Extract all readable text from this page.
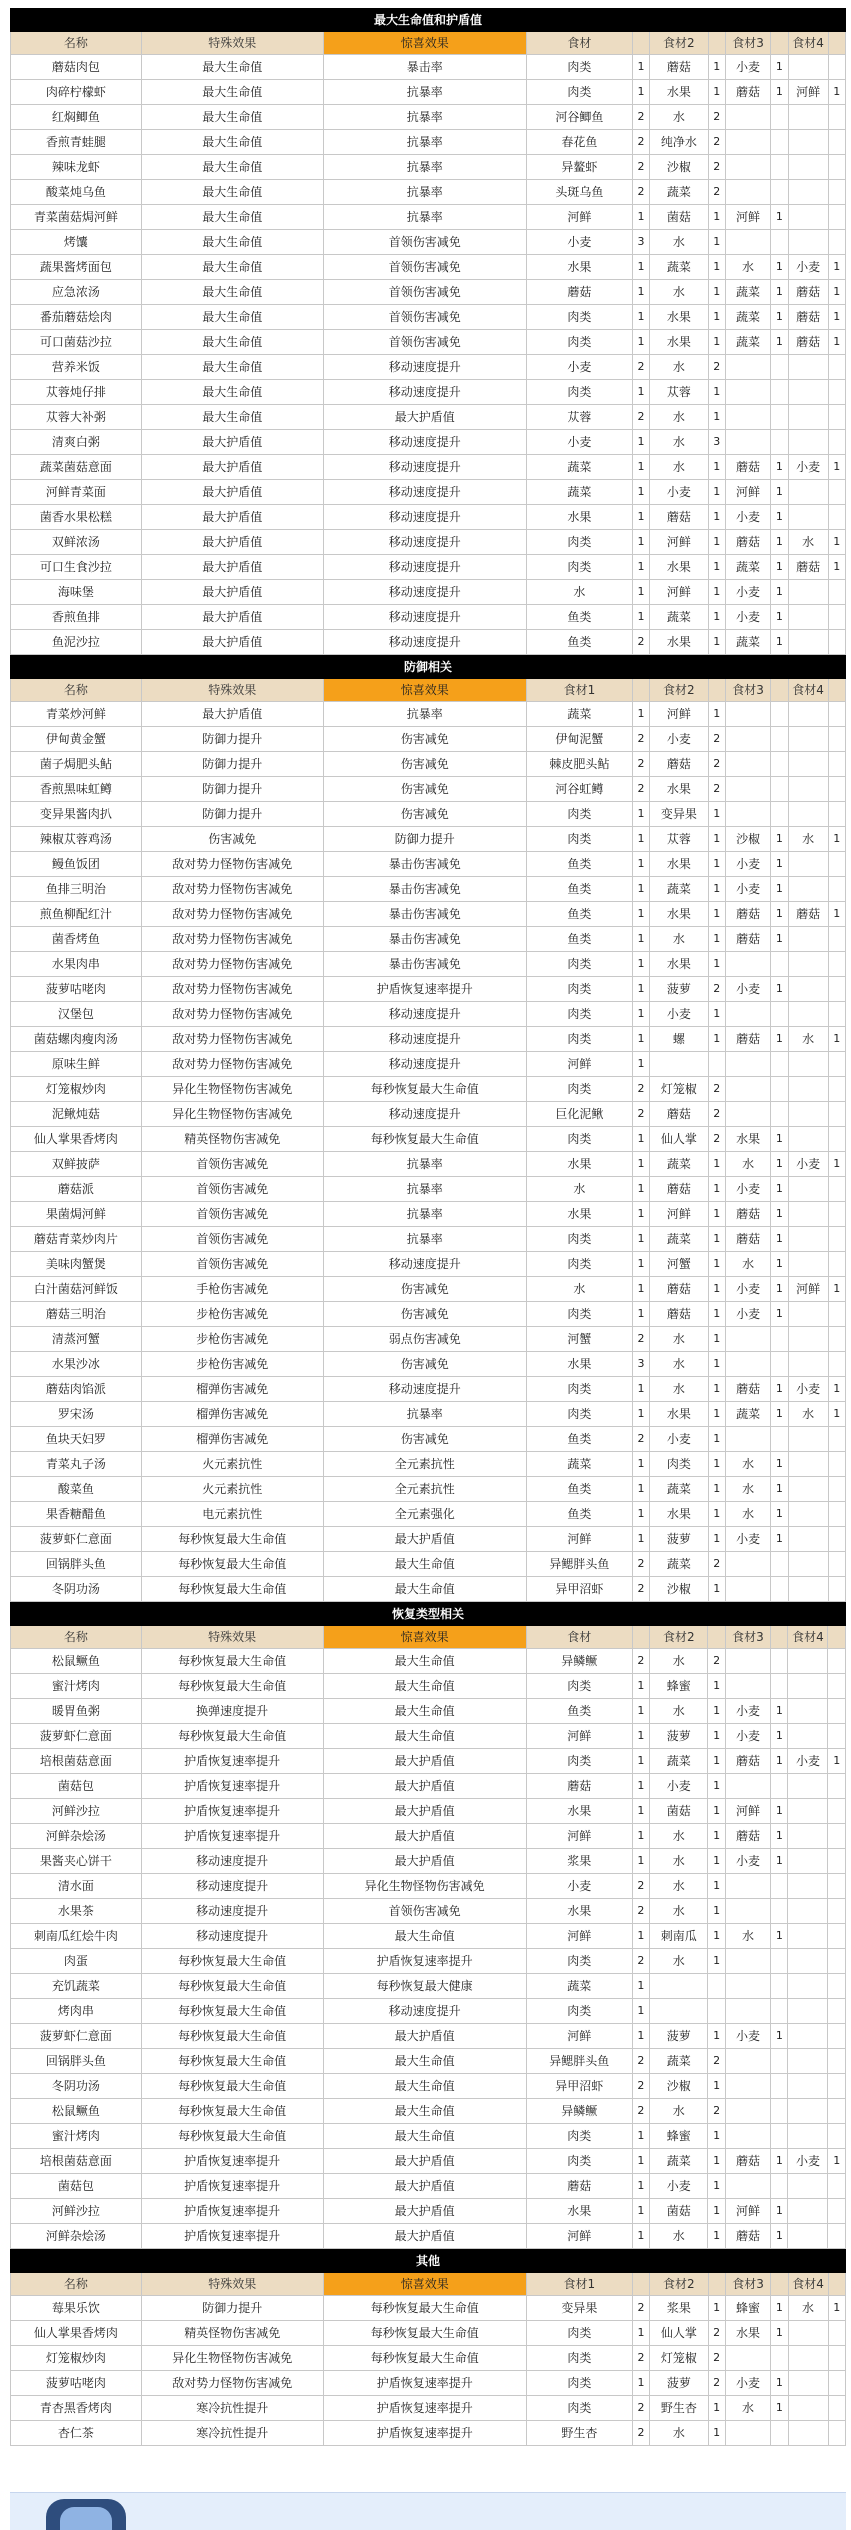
最大生命值和护盾值										
名称	特殊效果	惊喜效果	食材		食材2		食材3		食材4	
蘑菇肉包	最大生命值	暴击率	肉类	1	蘑菇	1	小麦	1		
肉碎柠檬虾	最大生命值	抗暴率	肉类	1	水果	1	蘑菇	1	河鲜	1
红焖鲫鱼	最大生命值	抗暴率	河谷鲫鱼	2	水	2				
香煎青蛙腿	最大生命值	抗暴率	春花鱼	2	纯净水	2				
辣味龙虾	最大生命值	抗暴率	异鳌虾	2	沙椒	2				
酸菜炖乌鱼	最大生命值	抗暴率	头斑乌鱼	2	蔬菜	2				
青菜菌菇焗河鲜	最大生命值	抗暴率	河鲜	1	菌菇	1	河鲜	1		
烤馕	最大生命值	首领伤害减免	小麦	3	水	1				
蔬果酱烤面包	最大生命值	首领伤害减免	水果	1	蔬菜	1	水	1	小麦	1
应急浓汤	最大生命值	首领伤害减免	蘑菇	1	水	1	蔬菜	1	蘑菇	1
番茄蘑菇烩肉	最大生命值	首领伤害减免	肉类	1	水果	1	蔬菜	1	蘑菇	1
可口菌菇沙拉	最大生命值	首领伤害减免	肉类	1	水果	1	蔬菜	1	蘑菇	1
营养米饭	最大生命值	移动速度提升	小麦	2	水	2				
苁蓉炖仔排	最大生命值	移动速度提升	肉类	1	苁蓉	1				
苁蓉大补粥	最大生命值	最大护盾值	苁蓉	2	水	1				
清爽白粥	最大护盾值	移动速度提升	小麦	1	水	3				
蔬菜菌菇意面	最大护盾值	移动速度提升	蔬菜	1	水	1	蘑菇	1	小麦	1
河鲜青菜面	最大护盾值	移动速度提升	蔬菜	1	小麦	1	河鲜	1		
菌香水果松糕	最大护盾值	移动速度提升	水果	1	蘑菇	1	小麦	1		
双鲜浓汤	最大护盾值	移动速度提升	肉类	1	河鲜	1	蘑菇	1	水	1
可口生食沙拉	最大护盾值	移动速度提升	肉类	1	水果	1	蔬菜	1	蘑菇	1
海味堡	最大护盾值	移动速度提升	水	1	河鲜	1	小麦	1		
香煎鱼排	最大护盾值	移动速度提升	鱼类	1	蔬菜	1	小麦	1		
鱼泥沙拉	最大护盾值	移动速度提升	鱼类	2	水果	1	蔬菜	1		
防御相关										
名称	特殊效果	惊喜效果	食材1		食材2		食材3		食材4	
青菜炒河鲜	最大护盾值	抗暴率	蔬菜	1	河鲜	1				
伊甸黄金蟹	防御力提升	伤害减免	伊甸泥蟹	2	小麦	2				
菌子焗肥头鲇	防御力提升	伤害减免	棘皮肥头鲇	2	蘑菇	2				
香煎黑味虹鳟	防御力提升	伤害减免	河谷虹鳟	2	水果	2				
变异果酱肉扒	防御力提升	伤害减免	肉类	1	变异果	1				
辣椒苁蓉鸡汤	伤害减免	防御力提升	肉类	1	苁蓉	1	沙椒	1	水	1
鳗鱼饭团	敌对势力怪物伤害减免	暴击伤害减免	鱼类	1	水果	1	小麦	1		
鱼排三明治	敌对势力怪物伤害减免	暴击伤害减免	鱼类	1	蔬菜	1	小麦	1		
煎鱼柳配红汁	敌对势力怪物伤害减免	暴击伤害减免	鱼类	1	水果	1	蘑菇	1	蘑菇	1
菌香烤鱼	敌对势力怪物伤害减免	暴击伤害减免	鱼类	1	水	1	蘑菇	1		
水果肉串	敌对势力怪物伤害减免	暴击伤害减免	肉类	1	水果	1				
菠萝咕咾肉	敌对势力怪物伤害减免	护盾恢复速率提升	肉类	1	菠萝	2	小麦	1		
汉堡包	敌对势力怪物伤害减免	移动速度提升	肉类	1	小麦	1				
菌菇螺肉瘦肉汤	敌对势力怪物伤害减免	移动速度提升	肉类	1	螺	1	蘑菇	1	水	1
原味生鲜	敌对势力怪物伤害减免	移动速度提升	河鲜	1						
灯笼椒炒肉	异化生物怪物伤害减免	每秒恢复最大生命值	肉类	2	灯笼椒	2				
泥鳅炖菇	异化生物怪物伤害减免	移动速度提升	巨化泥鳅	2	蘑菇	2				
仙人掌果香烤肉	精英怪物伤害减免	每秒恢复最大生命值	肉类	1	仙人掌	2	水果	1		
双鲜披萨	首领伤害减免	抗暴率	水果	1	蔬菜	1	水	1	小麦	1
蘑菇派	首领伤害减免	抗暴率	水	1	蘑菇	1	小麦	1		
果菌焗河鲜	首领伤害减免	抗暴率	水果	1	河鲜	1	蘑菇	1		
蘑菇青菜炒肉片	首领伤害减免	抗暴率	肉类	1	蔬菜	1	蘑菇	1		
美味肉蟹煲	首领伤害减免	移动速度提升	肉类	1	河蟹	1	水	1		
白汁菌菇河鲜饭	手枪伤害减免	伤害减免	水	1	蘑菇	1	小麦	1	河鲜	1
蘑菇三明治	步枪伤害减免	伤害减免	肉类	1	蘑菇	1	小麦	1		
清蒸河蟹	步枪伤害减免	弱点伤害减免	河蟹	2	水	1				
水果沙冰	步枪伤害减免	伤害减免	水果	3	水	1				
蘑菇肉馅派	榴弹伤害减免	移动速度提升	肉类	1	水	1	蘑菇	1	小麦	1
罗宋汤	榴弹伤害减免	抗暴率	肉类	1	水果	1	蔬菜	1	水	1
鱼块天妇罗	榴弹伤害减免	伤害减免	鱼类	2	小麦	1				
青菜丸子汤	火元素抗性	全元素抗性	蔬菜	1	肉类	1	水	1		
酸菜鱼	火元素抗性	全元素抗性	鱼类	1	蔬菜	1	水	1		
果香糖醋鱼	电元素抗性	全元素强化	鱼类	1	水果	1	水	1		
菠萝虾仁意面	每秒恢复最大生命值	最大护盾值	河鲜	1	菠萝	1	小麦	1		
回锅胖头鱼	每秒恢复最大生命值	最大生命值	异鳃胖头鱼	2	蔬菜	2				
冬阴功汤	每秒恢复最大生命值	最大生命值	异甲沼虾	2	沙椒	1				
恢复类型相关										
名称	特殊效果	惊喜效果	食材		食材2		食材3		食材4	
松鼠鳜鱼	每秒恢复最大生命值	最大生命值	异鳞鳜	2	水	2				
蜜汁烤肉	每秒恢复最大生命值	最大生命值	肉类	1	蜂蜜	1				
暖胃鱼粥	换弹速度提升	最大生命值	鱼类	1	水	1	小麦	1		
菠萝虾仁意面	每秒恢复最大生命值	最大生命值	河鲜	1	菠萝	1	小麦	1		
培根菌菇意面	护盾恢复速率提升	最大护盾值	肉类	1	蔬菜	1	蘑菇	1	小麦	1
菌菇包	护盾恢复速率提升	最大护盾值	蘑菇	1	小麦	1				
河鲜沙拉	护盾恢复速率提升	最大护盾值	水果	1	菌菇	1	河鲜	1		
河鲜杂烩汤	护盾恢复速率提升	最大护盾值	河鲜	1	水	1	蘑菇	1		
果酱夹心饼干	移动速度提升	最大护盾值	浆果	1	水	1	小麦	1		
清水面	移动速度提升	异化生物怪物伤害减免	小麦	2	水	1				
水果茶	移动速度提升	首领伤害减免	水果	2	水	1				
刺南瓜红烩牛肉	移动速度提升	最大生命值	河鲜	1	刺南瓜	1	水	1		
肉蛋	每秒恢复最大生命值	护盾恢复速率提升	肉类	2	水	1				
充饥蔬菜	每秒恢复最大生命值	每秒恢复最大健康	蔬菜	1						
烤肉串	每秒恢复最大生命值	移动速度提升	肉类	1						
菠萝虾仁意面	每秒恢复最大生命值	最大护盾值	河鲜	1	菠萝	1	小麦	1		
回锅胖头鱼	每秒恢复最大生命值	最大生命值	异鳃胖头鱼	2	蔬菜	2				
冬阴功汤	每秒恢复最大生命值	最大生命值	异甲沼虾	2	沙椒	1				
松鼠鳜鱼	每秒恢复最大生命值	最大生命值	异鳞鳜	2	水	2				
蜜汁烤肉	每秒恢复最大生命值	最大生命值	肉类	1	蜂蜜	1				
培根菌菇意面	护盾恢复速率提升	最大护盾值	肉类	1	蔬菜	1	蘑菇	1	小麦	1
菌菇包	护盾恢复速率提升	最大护盾值	蘑菇	1	小麦	1				
河鲜沙拉	护盾恢复速率提升	最大护盾值	水果	1	菌菇	1	河鲜	1		
河鲜杂烩汤	护盾恢复速率提升	最大护盾值	河鲜	1	水	1	蘑菇	1		
其他										
名称	特殊效果	惊喜效果	食材1		食材2		食材3		食材4	
莓果乐饮	防御力提升	每秒恢复最大生命值	变异果	2	浆果	1	蜂蜜	1	水	1
仙人掌果香烤肉	精英怪物伤害减免	每秒恢复最大生命值	肉类	1	仙人掌	2	水果	1		
灯笼椒炒肉	异化生物怪物伤害减免	每秒恢复最大生命值	肉类	2	灯笼椒	2				
菠萝咕咾肉	敌对势力怪物伤害减免	护盾恢复速率提升	肉类	1	菠萝	2	小麦	1		
青杏黑香烤肉	寒冷抗性提升	护盾恢复速率提升	肉类	2	野生杏	1	水	1		
杏仁茶	寒冷抗性提升	护盾恢复速率提升	野生杏	2	水	1				
